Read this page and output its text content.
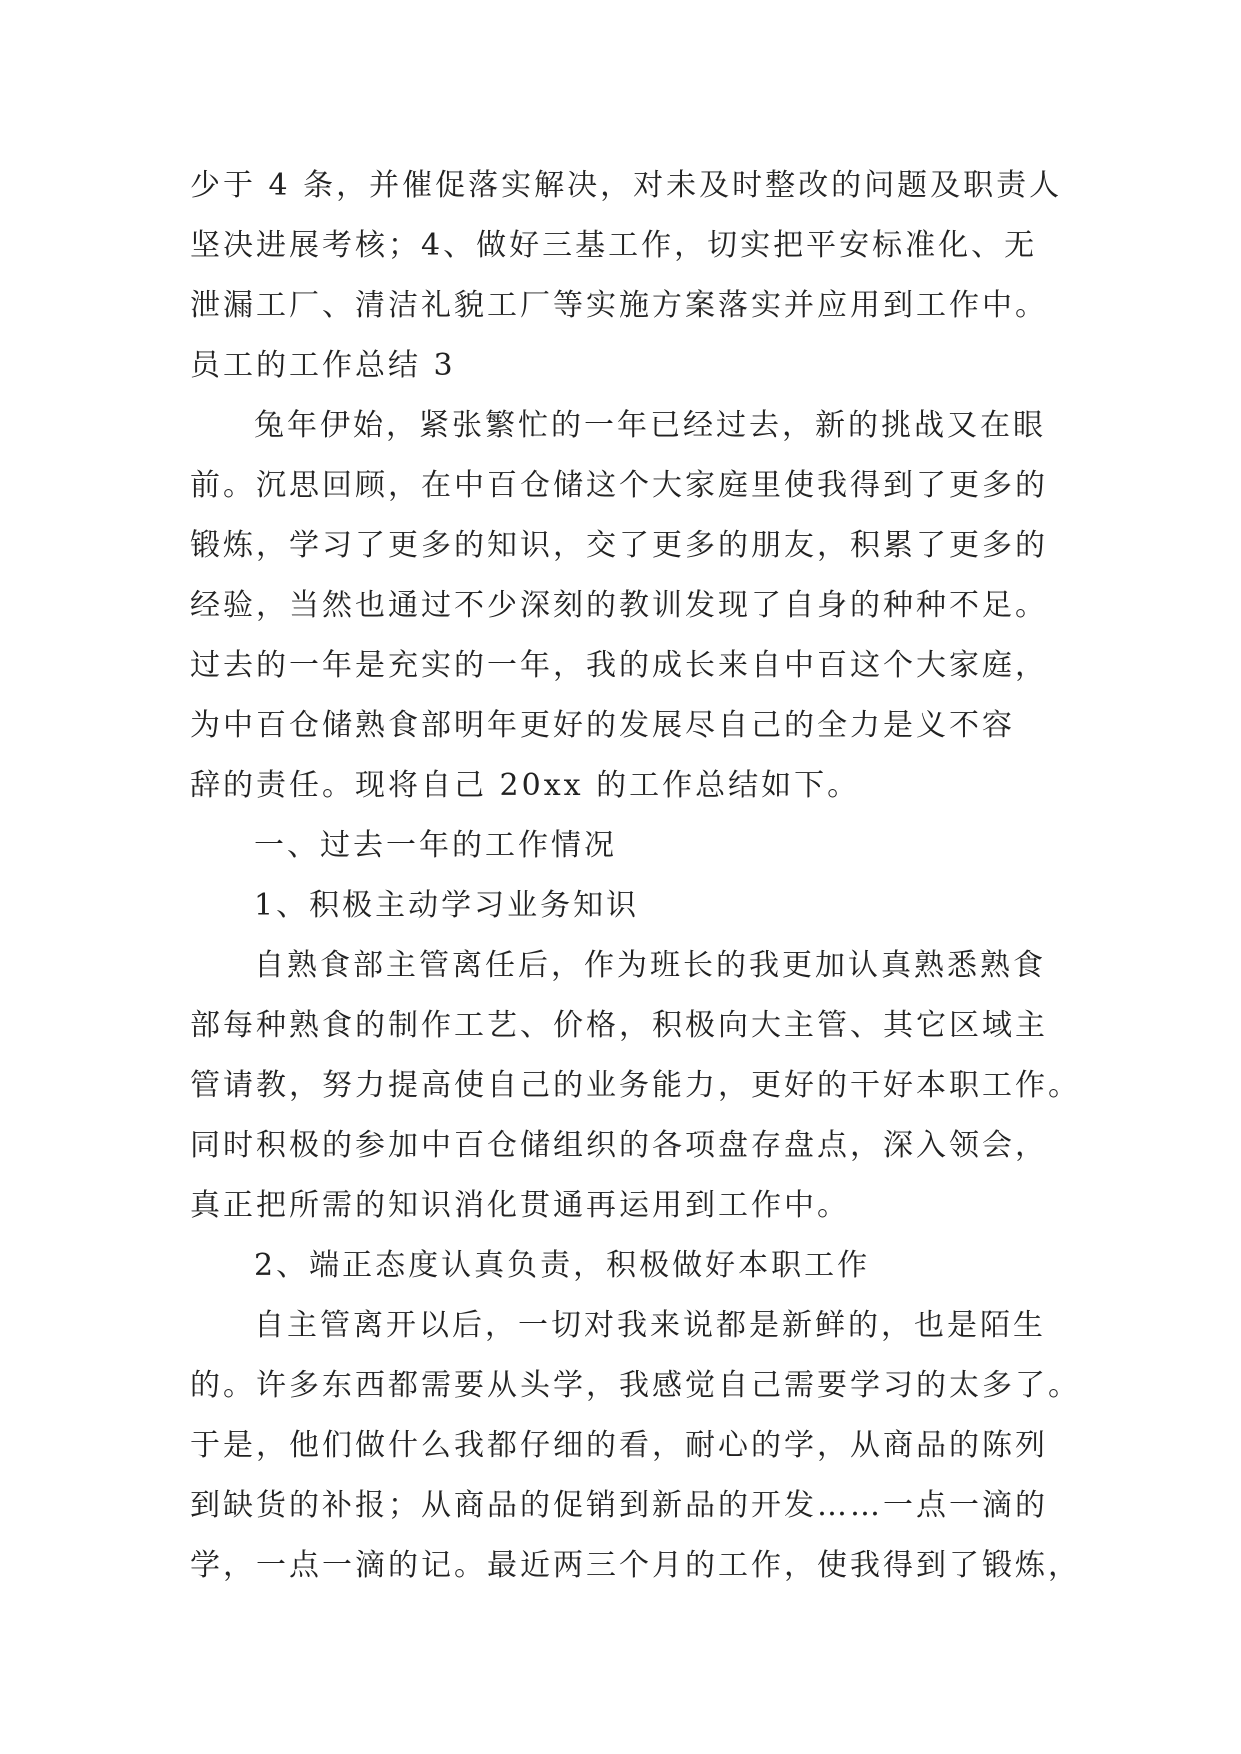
少于 4 条，并催促落实解决，对未及时整改的问题及职责人
坚决进展考核；4、做好三基工作，切实把平安标准化、无
泄漏工厂、清洁礼貌工厂等实施方案落实并应用到工作中。
员工的工作总结 3
兔年伊始，紧张繁忙的一年已经过去，新的挑战又在眼
前。沉思回顾，在中百仓储这个大家庭里使我得到了更多的
锻炼，学习了更多的知识，交了更多的朋友，积累了更多的
经验，当然也通过不少深刻的教训发现了自身的种种不足。
过去的一年是充实的一年，我的成长来自中百这个大家庭，
为中百仓储熟食部明年更好的发展尽自己的全力是义不容
辞的责任。现将自己 20xx 的工作总结如下。
一、过去一年的工作情况
1、积极主动学习业务知识
自熟食部主管离任后，作为班长的我更加认真熟悉熟食
部每种熟食的制作工艺、价格，积极向大主管、其它区域主
管请教，努力提高使自己的业务能力，更好的干好本职工作。
同时积极的参加中百仓储组织的各项盘存盘点，深入领会，
真正把所需的知识消化贯通再运用到工作中。
2、端正态度认真负责，积极做好本职工作
自主管离开以后，一切对我来说都是新鲜的，也是陌生
的。许多东西都需要从头学，我感觉自己需要学习的太多了。
于是，他们做什么我都仔细的看，耐心的学，从商品的陈列
到缺货的补报；从商品的促销到新品的开发……一点一滴的
学，一点一滴的记。最近两三个月的工作，使我得到了锻炼，
